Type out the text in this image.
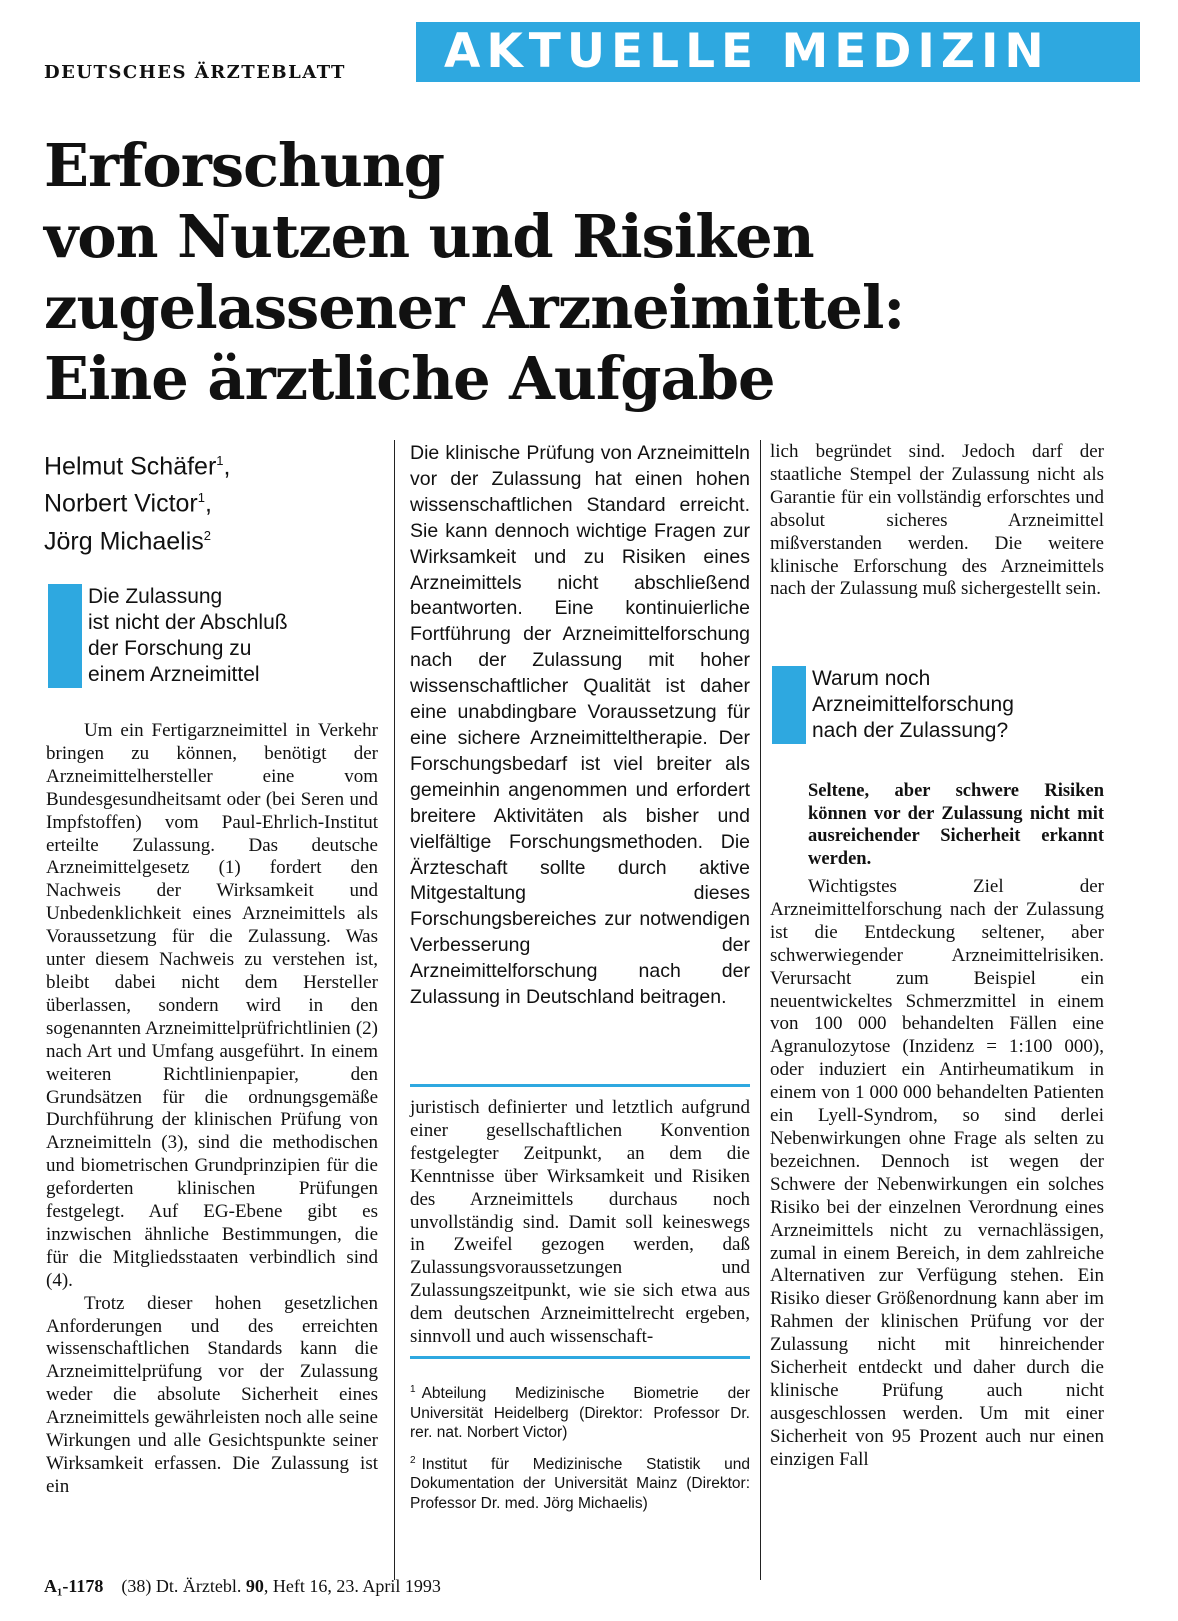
DEUTSCHES ÄRZTEBLATT	AKTUELLE MEDIZIN
Erforschung
von Nutzen und Risiken
zugelassener Arzneimittel:
Eine ärztliche Aufgabe
Helmut Schäfer$^1$,
Norbert Victor$^1$,
Jörg Michaelis$^2$
Die Zulassung
ist nicht der Abschluß
der Forschung zu
einem Arzneimittel

Um ein Fertigarzneimittel in Verkehr bringen zu können, benötigt der Arzneimittelhersteller eine vom Bundesgesundheitsamt oder (bei Seren und Impfstoffen) vom Paul-Ehrlich-Institut erteilte Zulassung. Das deutsche Arzneimittelgesetz (1) fordert den Nachweis der Wirksamkeit und Unbedenklichkeit eines Arzneimittels als Voraussetzung für die Zulassung. Was unter diesem Nachweis zu verstehen ist, bleibt dabei nicht dem Hersteller überlassen, sondern wird in den sogenannten Arzneimittelprüfrichtlinien (2) nach Art und Umfang ausgeführt. In einem weiteren Richtlinienpapier, den Grundsätzen für die ordnungsgemäße Durchführung der klinischen Prüfung von Arzneimitteln (3), sind die methodischen und biometrischen Grundprinzipien für die geforderten klinischen Prüfungen festgelegt. Auf EG-Ebene gibt es inzwischen ähnliche Bestimmungen, die für die Mitgliedsstaaten verbindlich sind (4).

Trotz dieser hohen gesetzlichen Anforderungen und des erreichten wissenschaftlichen Standards kann die Arzneimittelprüfung vor der Zulassung weder die absolute Sicherheit eines Arzneimittels gewährleisten noch alle seine Wirkungen und alle Gesichtspunkte seiner Wirksamkeit erfassen. Die Zulassung ist ein

Die klinische Prüfung von Arzneimitteln vor der Zulassung hat einen hohen wissenschaftlichen Standard erreicht. Sie kann dennoch wichtige Fragen zur Wirksamkeit und zu Risiken eines Arzneimittels nicht abschließend beantworten. Eine kontinuierliche Fortführung der Arzneimittelforschung nach der Zulassung mit hoher wissenschaftlicher Qualität ist daher eine unabdingbare Voraussetzung für eine sichere Arzneimitteltherapie. Der Forschungsbedarf ist viel breiter als gemeinhin angenommen und erfordert breitere Aktivitäten als bisher und vielfältige Forschungsmethoden. Die Ärzteschaft sollte durch aktive Mitgestaltung dieses Forschungsbereiches zur notwendigen Verbesserung der Arzneimittelforschung nach der Zulassung in Deutschland beitragen.

juristisch definierter und letztlich aufgrund einer gesellschaftlichen Konvention festgelegter Zeitpunkt, an dem die Kenntnisse über Wirksamkeit und Risiken des Arzneimittels durchaus noch unvollständig sind. Damit soll keineswegs in Zweifel gezogen werden, daß Zulassungsvoraussetzungen und Zulassungszeitpunkt, wie sie sich etwa aus dem deutschen Arzneimittelrecht ergeben, sinnvoll und auch wissenschaft-

$^1$ Abteilung Medizinische Biometrie der Universität Heidelberg (Direktor: Professor Dr. rer. nat. Norbert Victor)

$^2$ Institut für Medizinische Statistik und Dokumentation der Universität Mainz (Direktor: Professor Dr. med. Jörg Michaelis)

lich begründet sind. Jedoch darf der staatliche Stempel der Zulassung nicht als Garantie für ein vollständig erforschtes und absolut sicheres Arzneimittel mißverstanden werden. Die weitere klinische Erforschung des Arzneimittels nach der Zulassung muß sichergestellt sein.

Warum noch
Arzneimittelforschung
nach der Zulassung?
Seltene, aber schwere Risiken können vor der Zulassung nicht mit ausreichender Sicherheit erkannt werden.

Wichtigstes Ziel der Arzneimittelforschung nach der Zulassung ist die Entdeckung seltener, aber schwerwiegender Arzneimittelrisiken. Verursacht zum Beispiel ein neuentwickeltes Schmerzmittel in einem von 100 000 behandelten Fällen eine Agranulozytose (Inzidenz = 1:100 000), oder induziert ein Antirheumatikum in einem von 1 000 000 behandelten Patienten ein Lyell-Syndrom, so sind derlei Nebenwirkungen ohne Frage als selten zu bezeichnen. Dennoch ist wegen der Schwere der Nebenwirkungen ein solches Risiko bei der einzelnen Verordnung eines Arzneimittels nicht zu vernachlässigen, zumal in einem Bereich, in dem zahlreiche Alternativen zur Verfügung stehen. Ein Risiko dieser Größenordnung kann aber im Rahmen der klinischen Prüfung vor der Zulassung nicht mit hinreichender Sicherheit entdeckt und daher durch die klinische Prüfung auch nicht ausgeschlossen werden. Um mit einer Sicherheit von 95 Prozent auch nur einen einzigen Fall

A₁-1178 (38) Dt. Ärztebl. 90, Heft 16, 23. April 1993
